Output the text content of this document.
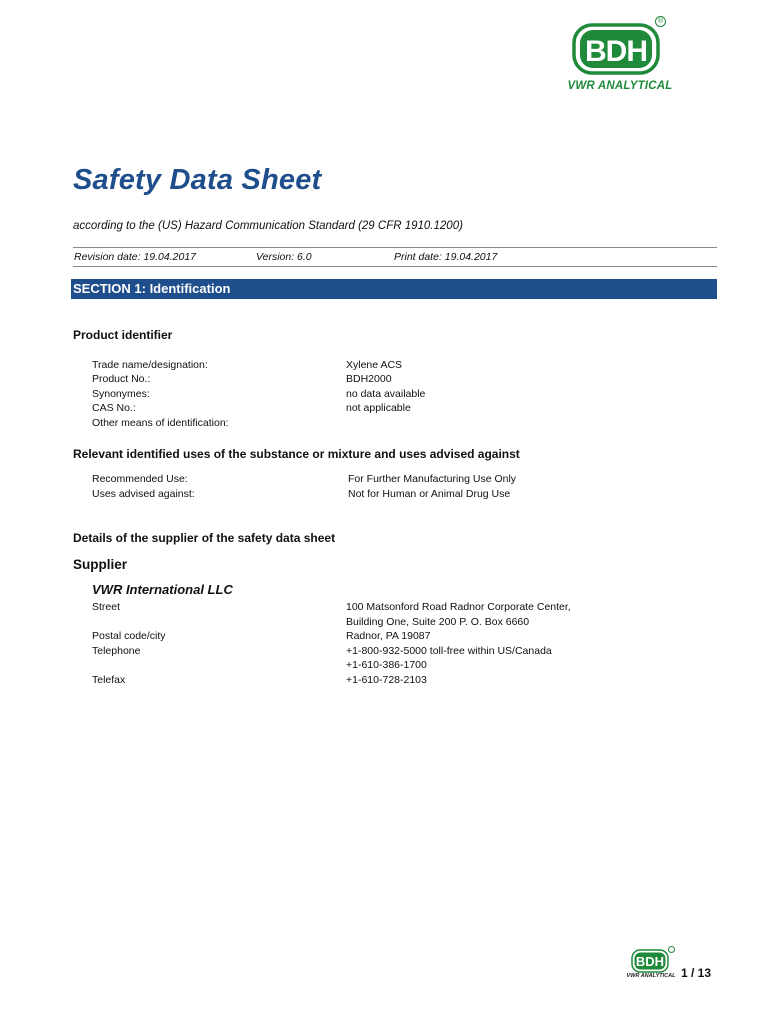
®
BDH
VWR ANALYTICAL
Safety Data Sheet
according to the (US) Hazard Communication Standard (29 CFR 1910.1200)
Revision date: 19.04.2017	Version: 6.0	Print date: 19.04.2017
SECTION 1: Identification
Product identifier
Trade name/designation:	Xylene ACS
Product No.:	BDH2000
Synonymes:	no data available
CAS No.:	not applicable
Other means of identification:
Relevant identified uses of the substance or mixture and uses advised against
Recommended Use:	For Further Manufacturing Use Only
Uses advised against:	Not for Human or Animal Drug Use
Details of the supplier of the safety data sheet
Supplier
VWR International LLC
Street	100 Matsonford Road Radnor Corporate Center,
Building One, Suite 200 P. O. Box 6660
Postal code/city	Radnor, PA 19087
Telephone	+1-800-932-5000 toll-free within US/Canada
+1-610-386-1700
Telefax	+1-610-728-2103
BDH
VWR ANALYTICAL 1 / 13
